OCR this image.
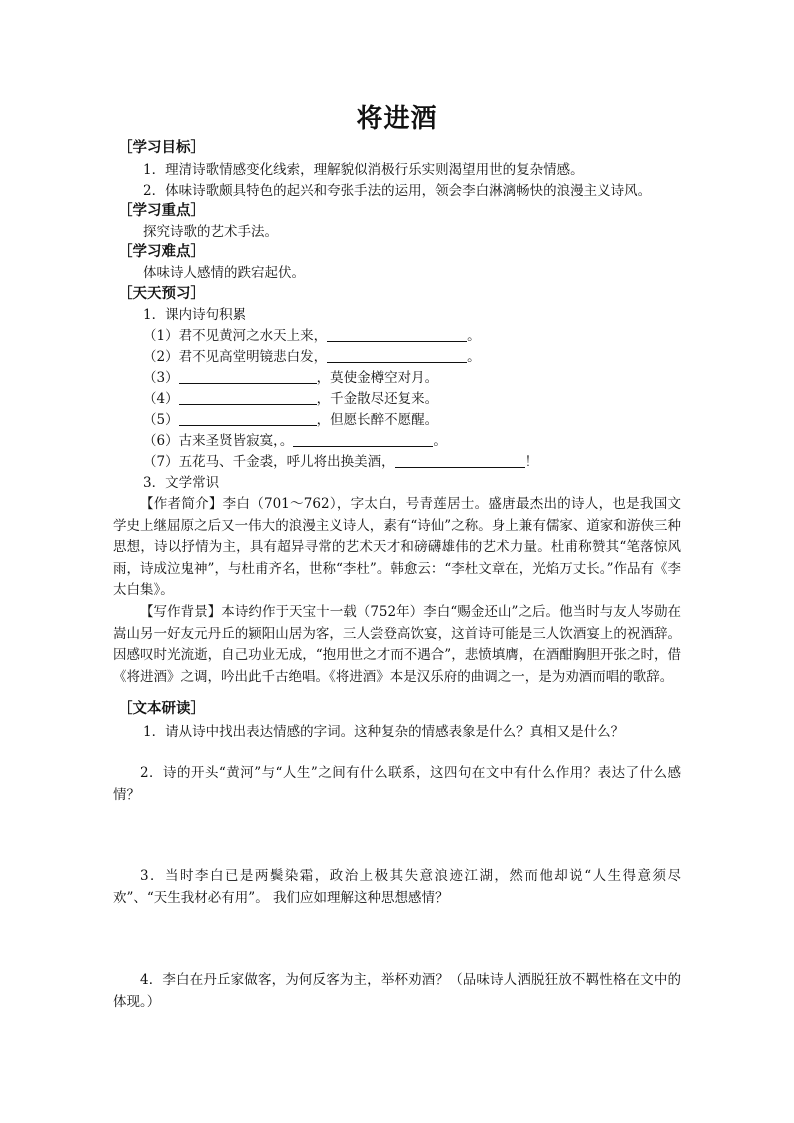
将进酒
［学习目标］
1．理清诗歌情感变化线索，理解貌似消极行乐实则渴望用世的复杂情感。
2．体味诗歌颇具特色的起兴和夸张手法的运用，领会李白淋漓畅快的浪漫主义诗风。
［学习重点］
探究诗歌的艺术手法。
［学习难点］
体味诗人感情的跌宕起伏。
［天天预习］
1．课内诗句积累
（1）君不见黄河之水天上来，	。
（2）君不见高堂明镜悲白发，	。
（3）	，莫使金樽空对月。
（4）	，千金散尽还复来。
（5）	，但愿长醉不愿醒。
（6）古来圣贤皆寂寞，。	。
（7）五花马、千金裘，呼儿将出换美酒，	！
3．文学常识
【作者简介】李白（701～762），字太白，号青莲居士。盛唐最杰出的诗人，也是我国文学史上继屈原之后又一伟大的浪漫主义诗人，素有“诗仙”之称。身上兼有儒家、道家和游侠三种思想，诗以抒情为主，具有超异寻常的艺术天才和磅礴雄伟的艺术力量。杜甫称赞其“笔落惊风雨，诗成泣鬼神”，与杜甫齐名，世称“李杜”。韩愈云：“李杜文章在，光焰万丈长。”作品有《李太白集》。
【写作背景】本诗约作于天宝十一载（752年）李白“赐金还山”之后。他当时与友人岑勋在嵩山另一好友元丹丘的颍阳山居为客，三人尝登高饮宴，这首诗可能是三人饮酒宴上的祝酒辞。因感叹时光流逝，自己功业无成，“抱用世之才而不遇合”，悲愤填膺，在酒酣胸胆开张之时，借《将进酒》之调，吟出此千古绝唱。《将进酒》本是汉乐府的曲调之一，是为劝酒而唱的歌辞。
［文本研读］
1．请从诗中找出表达情感的字词。这种复杂的情感表象是什么？真相又是什么？
2．诗的开头“黄河”与“人生”之间有什么联系，这四句在文中有什么作用？表达了什么感情？
3．当时李白已是两鬓染霜，政治上极其失意浪迹江湖，然而他却说“人生得意须尽欢”、“天生我材必有用”。 我们应如理解这种思想感情？
4．李白在丹丘家做客，为何反客为主，举杯劝酒？（品味诗人洒脱狂放不羁性格在文中的体现。）
